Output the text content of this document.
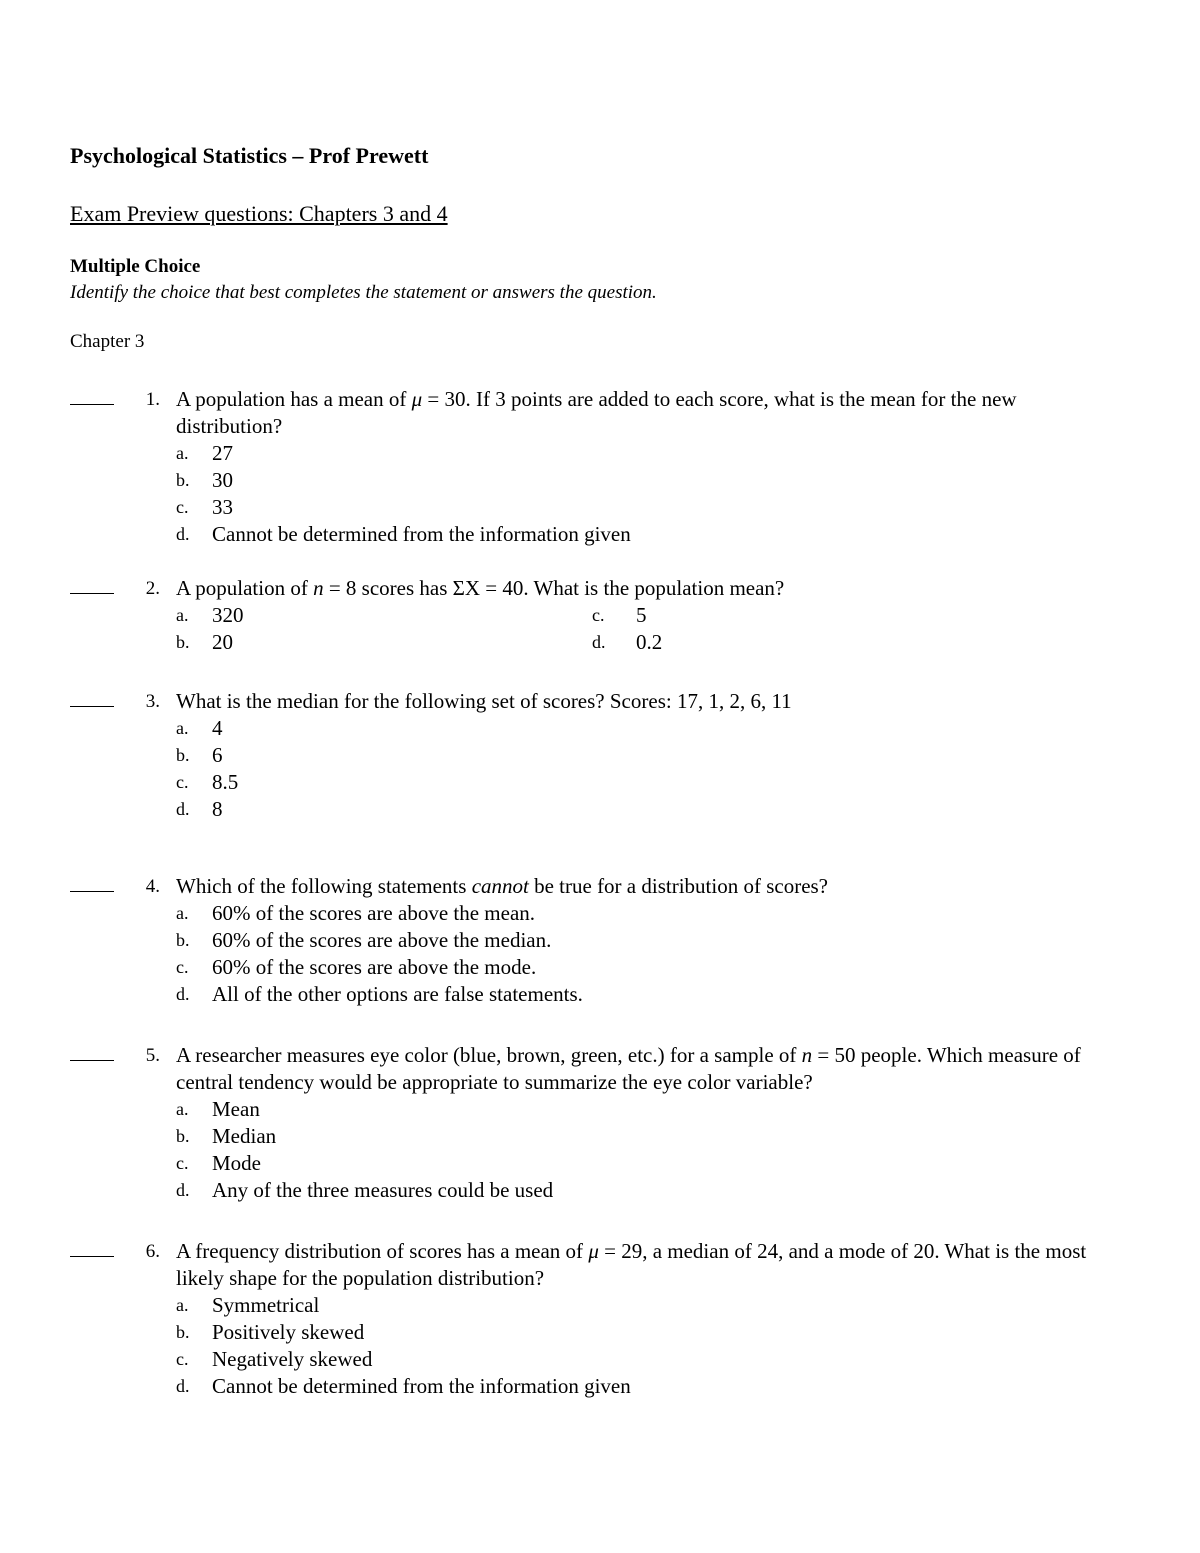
Psychological Statistics – Prof Prewett
Exam Preview questions: Chapters 3 and 4
Multiple Choice
Identify the choice that best completes the statement or answers the question.
Chapter 3
1. A population has a mean of μ = 30. If 3 points are added to each score, what is the mean for the new distribution?
a. 27
b. 30
c. 33
d. Cannot be determined from the information given
2. A population of n = 8 scores has ΣX = 40. What is the population mean?
a. 320
b. 20
c. 5
d. 0.2
3. What is the median for the following set of scores? Scores: 17, 1, 2, 6, 11
a. 4
b. 6
c. 8.5
d. 8
4. Which of the following statements cannot be true for a distribution of scores?
a. 60% of the scores are above the mean.
b. 60% of the scores are above the median.
c. 60% of the scores are above the mode.
d. All of the other options are false statements.
5. A researcher measures eye color (blue, brown, green, etc.) for a sample of n = 50 people. Which measure of central tendency would be appropriate to summarize the eye color variable?
a. Mean
b. Median
c. Mode
d. Any of the three measures could be used
6. A frequency distribution of scores has a mean of μ = 29, a median of 24, and a mode of 20. What is the most likely shape for the population distribution?
a. Symmetrical
b. Positively skewed
c. Negatively skewed
d. Cannot be determined from the information given
